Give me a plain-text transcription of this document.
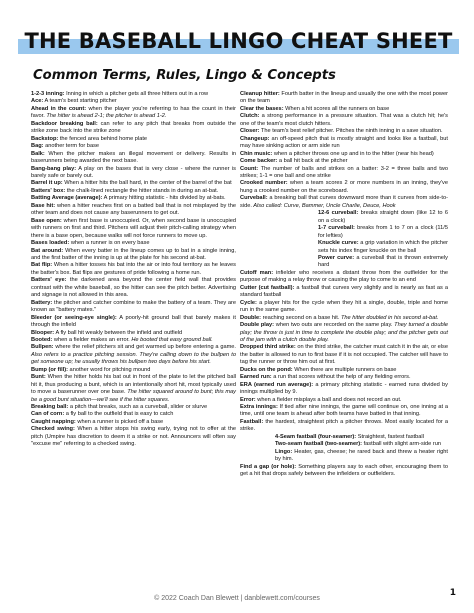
THE BASEBALL LINGO CHEAT SHEET
Common Terms, Rules, Lingo & Concepts

1-2-3 inning: Inning in which a pitcher gets all three hitters out in a row

Ace: A team's best starting pitcher

Ahead in the count: when the player you're referring to has the count in their favor. The hitter is ahead 2-1; the pitcher is ahead 1-2.

Backdoor breaking ball: can refer to any pitch that breaks from outside the strike zone back into the strike zone

Backstop: the fenced area behind home plate

Bag: another term for base

Balk: When the pitcher makes an illegal movement or delivery. Results in baserunners being awarded the next base.

Bang-bang play: A play on the bases that is very close - where the runner is barely safe or barely out.

Barrel it up: When a hitter hits the ball hard, in the center of the barrel of the bat

Batters' box: the chalk-lined rectangle the hitter stands in during an at-bat.

Batting Average (average): A primary hitting statistic - hits divided by at-bats.

Base hit: when a hitter reaches first on a batted ball that is not misplayed by the other team and does not cause any baserunners to get out.

Base open: when first base is unoccupied. Or, when second base is unoccupied with runners on first and third. Pitchers will adjust their pitch-calling strategy when there is a base open, because walks will not force runners to move up.

Bases loaded: when a runner is on every base

Bat around: When every batter in the lineup comes up to bat in a single inning, and the first batter of the inning is up at the plate for his second at-bat.

Bat flip: When a hitter tosses his bat into the air or into foul territory as he leaves the batter's box. Bat flips are gestures of pride following a home run.

Batters' eye: the darkened area beyond the center field wall that provides contrast with the white baseball, so the hitter can see the pitch better. Advertising and signage is not allowed in this area.

Battery: the pitcher and catcher combine to make the battery of a team. They are known as "battery mates."

Bleeder (or seeing-eye single): A poorly-hit ground ball that barely makes it through the infield

Blooper: A fly ball hit weakly between the infield and outfield

Booted: when a fielder makes an error. He booted that easy ground ball.

Bullpen: where the relief pitchers sit and get warmed up before entering a game. Also refers to a practice pitching session. They're calling down to the bullpen to get someone up; he usually throws his bullpen two days before his start.

Bump (or fill): another word for pitching mound

Bunt: When the hitter holds his bat out in front of the plate to let the pitched ball hit it, thus producing a bunt, which is an intentionally short hit, most typically used to move a baserunner over one base. The hitter squared around to bunt; this may be a good bunt situation—we'll see if the hitter squares.

Breaking ball: a pitch that breaks, such as a curveball, slider or slurve

Can of corn: a fly ball to the outfield that is easy to catch

Caught napping: when a runner is picked off a base

Checked swing: When a hitter stops his swing early, trying not to offer at the pitch (Umpire has discretion to deem it a strike or not. Announcers will often say "excuse me" referring to a checked swing.

Cleanup hitter: Fourth batter in the lineup and usually the one with the most power on the team

Clear the bases: When a hit scores all the runners on base

Clutch: a strong performance in a pressure situation. That was a clutch hit; he's one of the team's most clutch hitters.

Closer: The team's best relief pitcher. Pitches the ninth inning in a save situation.

Changeup: an off-speed pitch that is mostly straight and looks like a fastball, but may have sinking action or arm side run

Chin music: when a pitcher throws one up and in to the hitter (near his head)

Come backer: a ball hit back at the pitcher

Count: The number of balls and strikes on a batter: 3-2 = three balls and two strikes; 1-1 = one ball and one strike

Crooked number: when a team scores 2 or more numbers in an inning, they've hung a crooked number on the scoreboard.

Curveball: a breaking ball that curves downward more than it curves from side-to-side. Also called: Curve, Bammer, Uncle Charlie, Deuce, Hook

12-6 curveball: breaks straight down (like 12 to 6 on a clock)

1-7 curveball: breaks from 1 to 7 on a clock (11/5 for lefties)

Knuckle curve: a grip variation in which the pitcher sets his index finger knuckle on the ball

Power curve: a curveball that is thrown extremely hard

Cutoff man: infielder who receives a distant throw from the outfielder for the purpose of making a relay throw or causing the play to come to an end

Cutter (cut fastball): a fastball that curves very slightly and is nearly as fast as a standard fastball

Cycle: a player hits for the cycle when they hit a single, double, triple and home run in the same game.

Double: reaching second on a base hit. The hitter doubled in his second at-bat.

Double play: when two outs are recorded on the same play. They turned a double play; the throw is just in time to complete the double play; and the pitcher gets out of the jam with a clutch double play.

Dropped third strike: on the third strike, the catcher must catch it in the air, or else the batter is allowed to run to first base if it is not occupied. The catcher will have to tag the runner or throw him out at first.

Ducks on the pond: When there are multiple runners on base

Earned run: a run that scores without the help of any fielding errors.

ERA (earned run average): a primary pitching statistic - earned runs divided by innings multiplied by 9.

Error: when a fielder misplays a ball and does not record an out.

Extra innings: If tied after nine innings, the game will continue on, one inning at a time, until one team is ahead after both teams have batted in that inning.

Fastball: the hardest, straightest pitch a pitcher throws. Most easily located for a strike.

4-Seam fastball (four-seamer): Straightest, fastest fastball

Two-seam fastball (two-seamer): fastball with slight arm-side run

Lingo: Heater, gas, cheese; he rared back and threw a heater right by him.

Find a gap (or hole): Something players say to each other, encouraging them to get a hit that drops safely between the infielders or outfielders.

© 2022 Coach Dan Blewett | danblewett.com/courses
1
